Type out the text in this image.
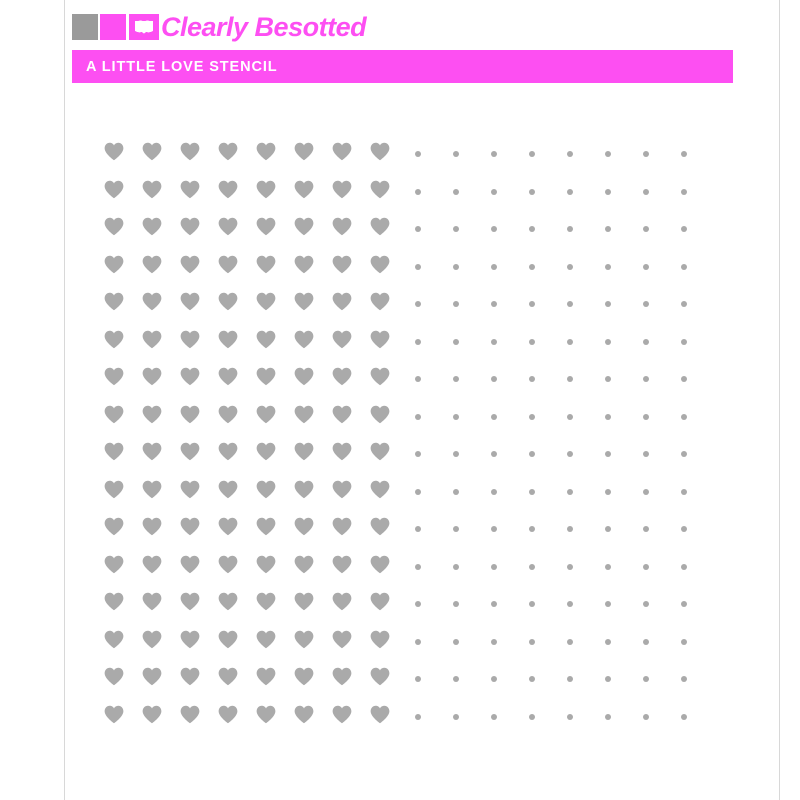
Clearly Besotted
A LITTLE LOVE STENCIL
